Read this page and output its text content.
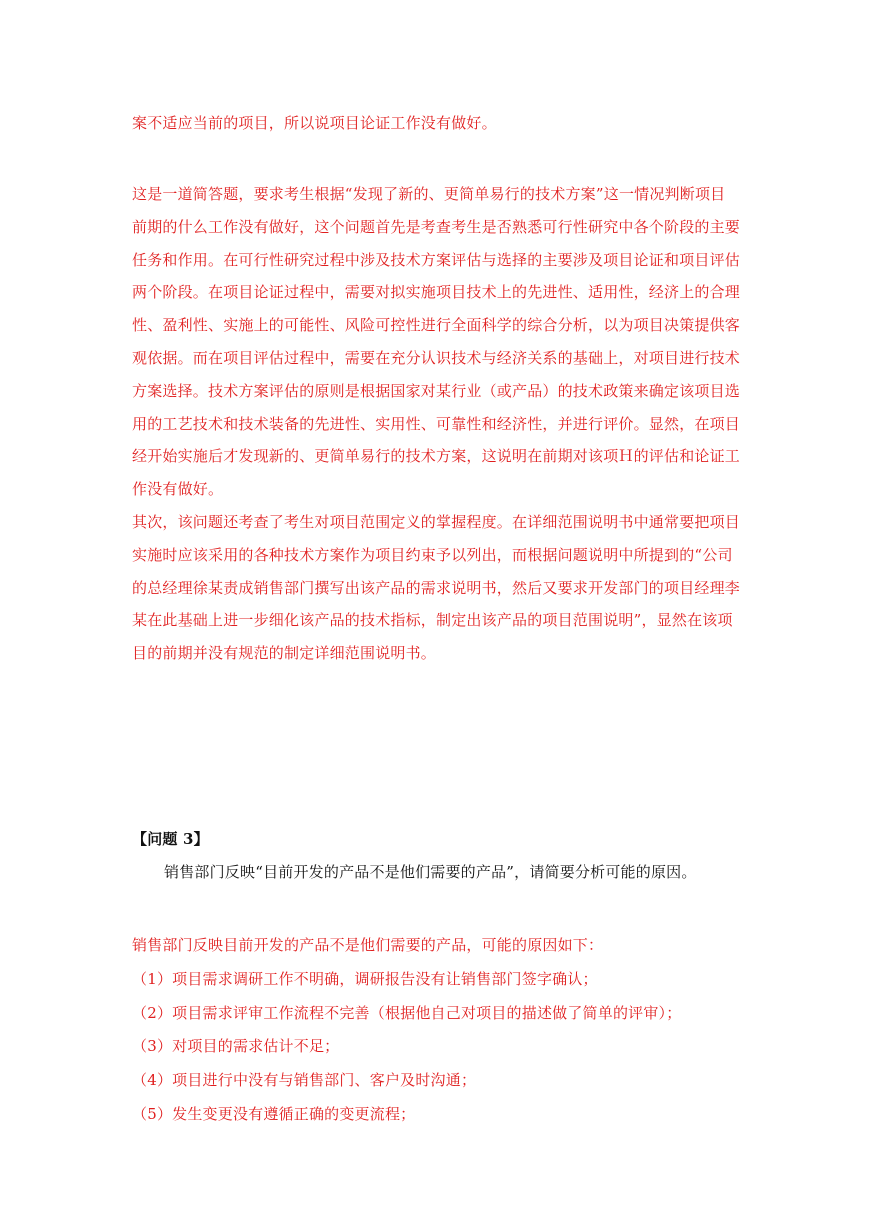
案不适应当前的项目，所以说项目论证工作没有做好。
这是一道简答题，要求考生根据“发现了新的、更简单易行的技术方案”这一情况判断项目
前期的什么工作没有做好，这个问题首先是考查考生是否熟悉可行性研究中各个阶段的主要
任务和作用。在可行性研究过程中涉及技术方案评估与选择的主要涉及项目论证和项目评估
两个阶段。在项目论证过程中，需要对拟实施项目技术上的先进性、适用性，经济上的合理
性、盈利性、实施上的可能性、风险可控性进行全面科学的综合分析，以为项目决策提供客
观依据。而在项目评估过程中，需要在充分认识技术与经济关系的基础上，对项目进行技术
方案选择。技术方案评估的原则是根据国家对某行业（或产品）的技术政策来确定该项目选
用的工艺技术和技术装备的先进性、实用性、可靠性和经济性，并进行评价。显然，在项目
经开始实施后才发现新的、更简单易行的技术方案，这说明在前期对该项Ｈ的评估和论证工
作没有做好。
其次，该问题还考查了考生对项目范围定义的掌握程度。在详细范围说明书中通常要把项目
实施时应该采用的各种技术方案作为项目约束予以列出，而根据问题说明中所提到的“公司
的总经理徐某责成销售部门撰写出该产品的需求说明书，然后又要求开发部门的项目经理李
某在此基础上进一步细化该产品的技术指标，制定出该产品的项目范围说明”，显然在该项
目的前期并没有规范的制定详细范围说明书。
【问题 3】
销售部门反映“目前开发的产品不是他们需要的产品”，请简要分析可能的原因。
销售部门反映目前开发的产品不是他们需要的产品，可能的原因如下：
（1）项目需求调研工作不明确，调研报告没有让销售部门签字确认；
（2）项目需求评审工作流程不完善（根据他自己对项目的描述做了简单的评审）；
（3）对项目的需求估计不足；
（4）项目进行中没有与销售部门、客户及时沟通；
（5）发生变更没有遵循正确的变更流程；
